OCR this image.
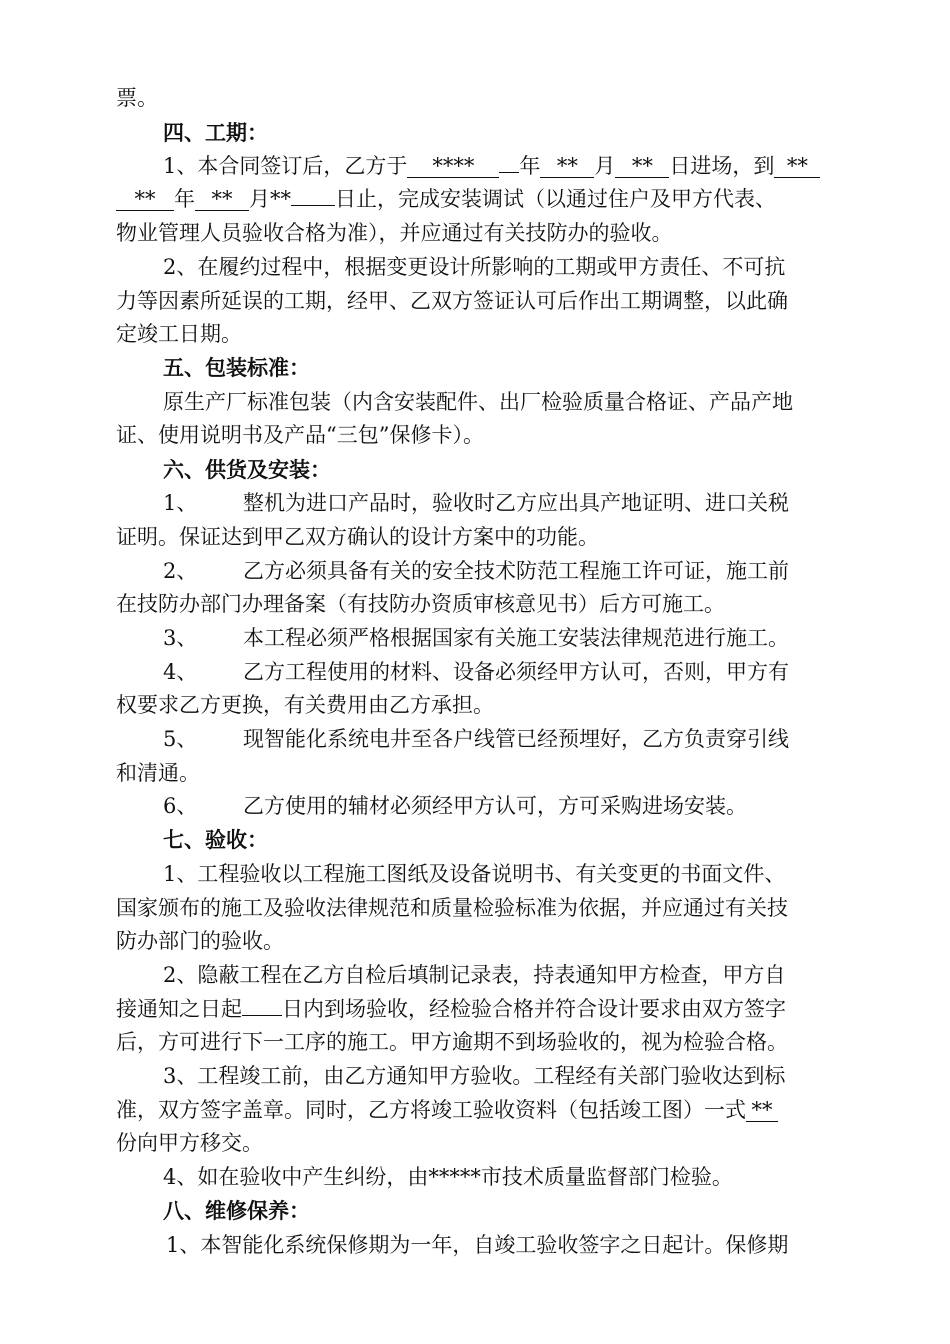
票。
四、工期：
1、本合同签订后，乙方于 **** 年 ** 月 ** 日进场，到 **
** 年 ** 月** 日止，完成安装调试（以通过住户及甲方代表、
物业管理人员验收合格为准），并应通过有关技防办的验收。
2、在履约过程中，根据变更设计所影响的工期或甲方责任、不可抗
力等因素所延误的工期，经甲、乙双方签证认可后作出工期调整，以此确
定竣工日期。
五、包装标准：
原生产厂标准包装（内含安装配件、出厂检验质量合格证、产品产地
证、使用说明书及产品“三包”保修卡）。
六、供货及安装：
1、 整机为进口产品时，验收时乙方应出具产地证明、进口关税
证明。保证达到甲乙双方确认的设计方案中的功能。
2、 乙方必须具备有关的安全技术防范工程施工许可证，施工前
在技防办部门办理备案（有技防办资质审核意见书）后方可施工。
3、 本工程必须严格根据国家有关施工安装法律规范进行施工。
4、 乙方工程使用的材料、设备必须经甲方认可，否则，甲方有
权要求乙方更换，有关费用由乙方承担。
5、 现智能化系统电井至各户线管已经预埋好，乙方负责穿引线
和清通。
6、 乙方使用的辅材必须经甲方认可，方可采购进场安装。
七、验收：
1、工程验收以工程施工图纸及设备说明书、有关变更的书面文件、
国家颁布的施工及验收法律规范和质量检验标准为依据，并应通过有关技
防办部门的验收。
2、隐蔽工程在乙方自检后填制记录表，持表通知甲方检查，甲方自
接通知之日起 日内到场验收，经检验合格并符合设计要求由双方签字
后，方可进行下一工序的施工。甲方逾期不到场验收的，视为检验合格。
3、工程竣工前，由乙方通知甲方验收。工程经有关部门验收达到标
准，双方签字盖章。同时，乙方将竣工验收资料（包括竣工图）一式 **
份向甲方移交。
4、如在验收中产生纠纷，由*****市技术质量监督部门检验。
八、维修保养：
1、本智能化系统保修期为一年，自竣工验收签字之日起计。保修期
